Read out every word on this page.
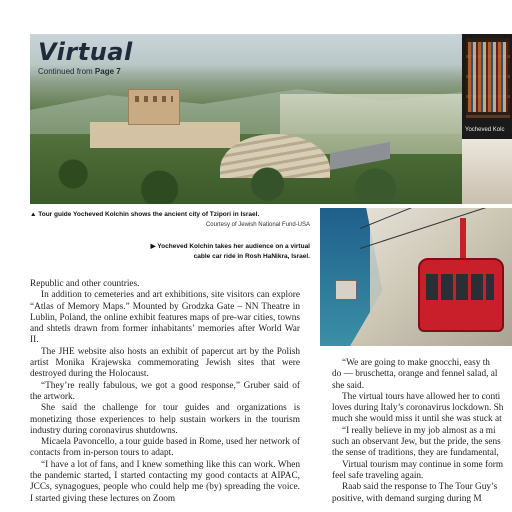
Virtual
Continued from Page 7
Yocheved Kolc
▲ Tour guide Yocheved Kolchin shows the ancient city of Tzipori in Israel.
Courtesy of Jewish National Fund-USA
▶ Yocheved Kolchin takes her audience on a virtual
cable car ride in Rosh HaNikra, Israel.

Republic and other countries.

In addition to cemeteries and art exhibitions, site visitors can explore “Atlas of Memory Maps.” Mounted by Grodzka Gate – NN Theatre in Lublin, Poland, the online exhibit features maps of pre-war cities, towns and shtetls drawn from former inhabitants’ memories after World War II.

The JHE website also hosts an exhibit of papercut art by the Polish artist Monika Krajewska commemorating Jewish sites that were destroyed during the Holocaust.

“They’re really fabulous, we got a good response,” Gruber said of the artwork.

She said the challenge for tour guides and organizations is monetizing those experiences to help sustain workers in the tourism industry during coronavirus shutdowns.

Micaela Pavoncello, a tour guide based in Rome, used her network of contacts from in-person tours to adapt.

“I have a lot of fans, and I knew something like this can work. When the pandemic started, I started contacting my good contacts at AIPAC, JCCs, synagogues, people who could help me (by) spreading the voice. I started giving these lectures on Zoom

“We are going to make gnocchi, easy th

do — bruschetta, orange and fennel salad, al
she said.

The virtual tours have allowed her to conti

loves during Italy’s coronavirus lockdown. Sh
much she would miss it until she was stuck at

“I really believe in my job almost as a mi

such an observant Jew, but the pride, the sens
the sense of traditions, they are fundamental,

Virtual tourism may continue in some form

feel safe traveling again.

Raab said the response to The Tour Guy’s

positive, with demand surging during M
